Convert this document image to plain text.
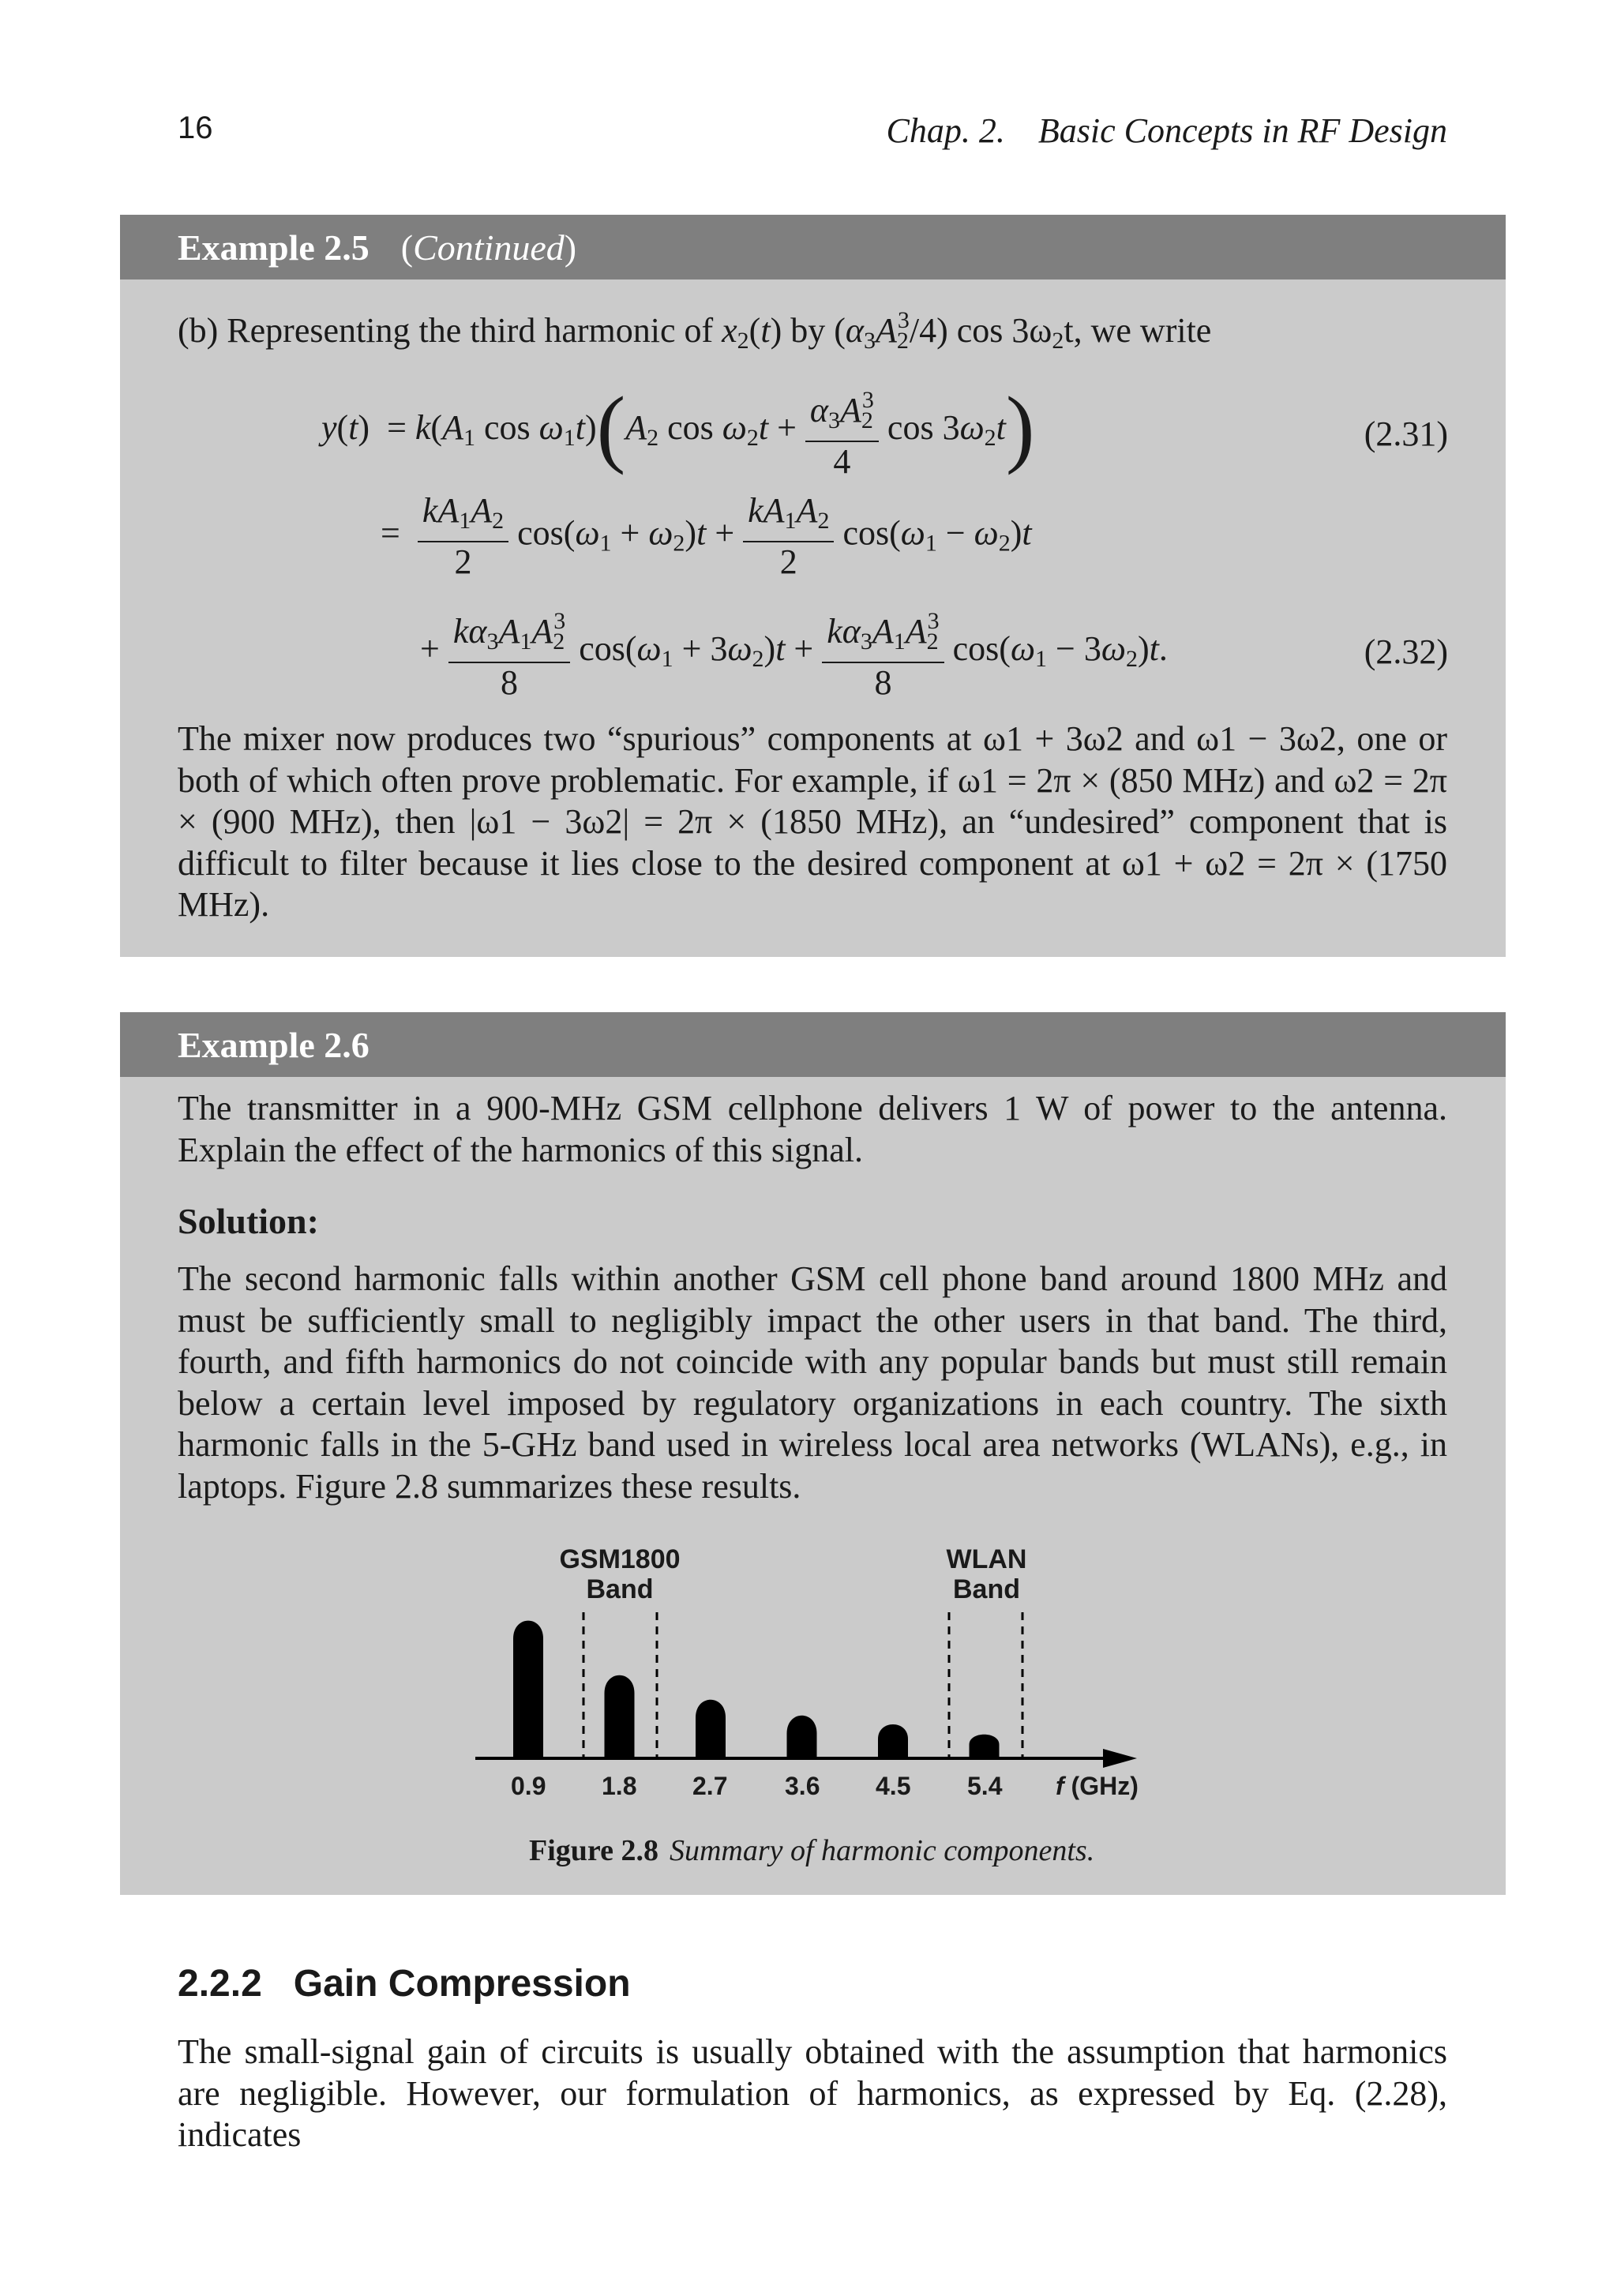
16	Chap. 2. Basic Concepts in RF Design
Example 2.5 (Continued)
(b) Representing the third harmonic of $x_2(t)$ by $(\alpha_3A_2^3/4)$ $\cos 3\omega_2t$, we write
$y(t) = k(A_1$ $\cos \omega_1t)(A_2$ $\cos \omega_2t + \frac{\alpha_3A_2^3}{4}$ $\cos 3\omega_2t$)	(2.31)
= $\frac{kA_1A_2}{2} \cos(\omega_1 + \omega_2)t + \frac{kA_1A_2}{2} \cos(\omega_1 - \omega_2)t$
+ $\frac{k\alpha_3A_1A_2^3}{8} \cos(\omega_1 + 3\omega_2)t + \frac{k\alpha_3A_1A_2^3}{8} \cos(\omega_1 - 3\omega_2)t$.	(2.32)
The mixer now produces two “spurious” components at ω1 + 3ω2 and ω1 − 3ω2, one or both of which often prove problematic. For example, if ω1 = 2π × (850 MHz) and ω2 = 2π × (900 MHz), then |ω1 − 3ω2| = 2π × (1850 MHz), an “undesired” component that is difficult to filter because it lies close to the desired component at ω1 + ω2 = 2π × (1750 MHz).
Example 2.6
The transmitter in a 900-MHz GSM cellphone delivers 1 W of power to the antenna. Explain the effect of the harmonics of this signal.
Solution:
The second harmonic falls within another GSM cell phone band around 1800 MHz and must be sufficiently small to negligibly impact the other users in that band. The third, fourth, and fifth harmonics do not coincide with any popular bands but must still remain below a certain level imposed by regulatory organizations in each country. The sixth harmonic falls in the 5-GHz band used in wireless local area networks (WLANs), e.g., in laptops. Figure 2.8 summarizes these results.
GSM1800
Band
WLAN
Band
0.9 1.8 2.7 3.6 4.5 5.4 f (GHz)
Figure 2.8 Summary of harmonic components.
2.2.2 Gain Compression
The small-signal gain of circuits is usually obtained with the assumption that harmonics are negligible. However, our formulation of harmonics, as expressed by Eq. (2.28), indicates
